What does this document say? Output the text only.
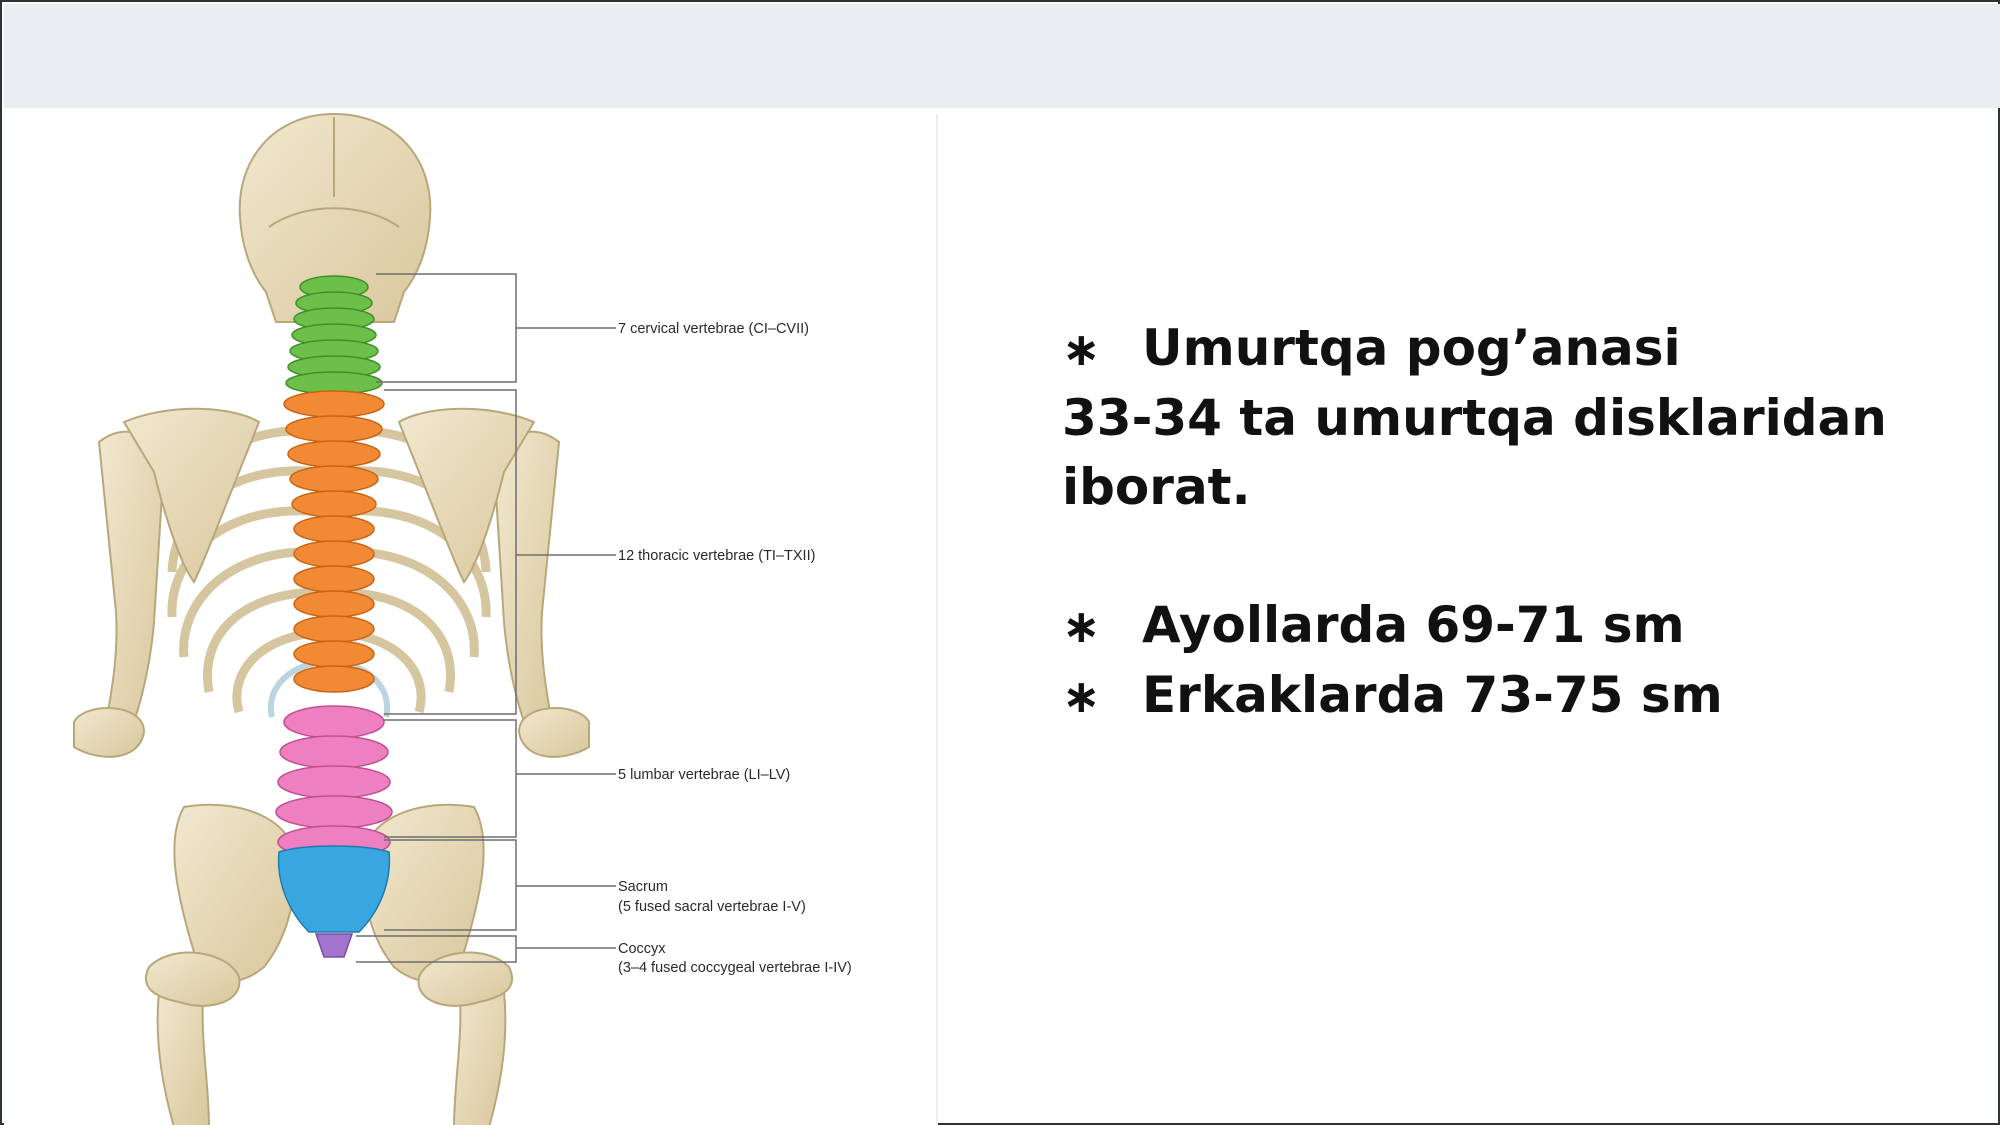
7 cervical vertebrae (CI–CVII)
12 thoracic vertebrae (TI–TXII)
5 lumbar vertebrae (LI–LV)
Sacrum
(5 fused sacral vertebrae I-V)
Coccyx
(3–4 fused coccygeal vertebrae I-IV)
∗ Umurtqa pog’anasi
33-34 ta umurtqa disklaridan
iborat.
∗ Ayollarda 69-71 sm
∗ Erkaklarda 73-75 sm
